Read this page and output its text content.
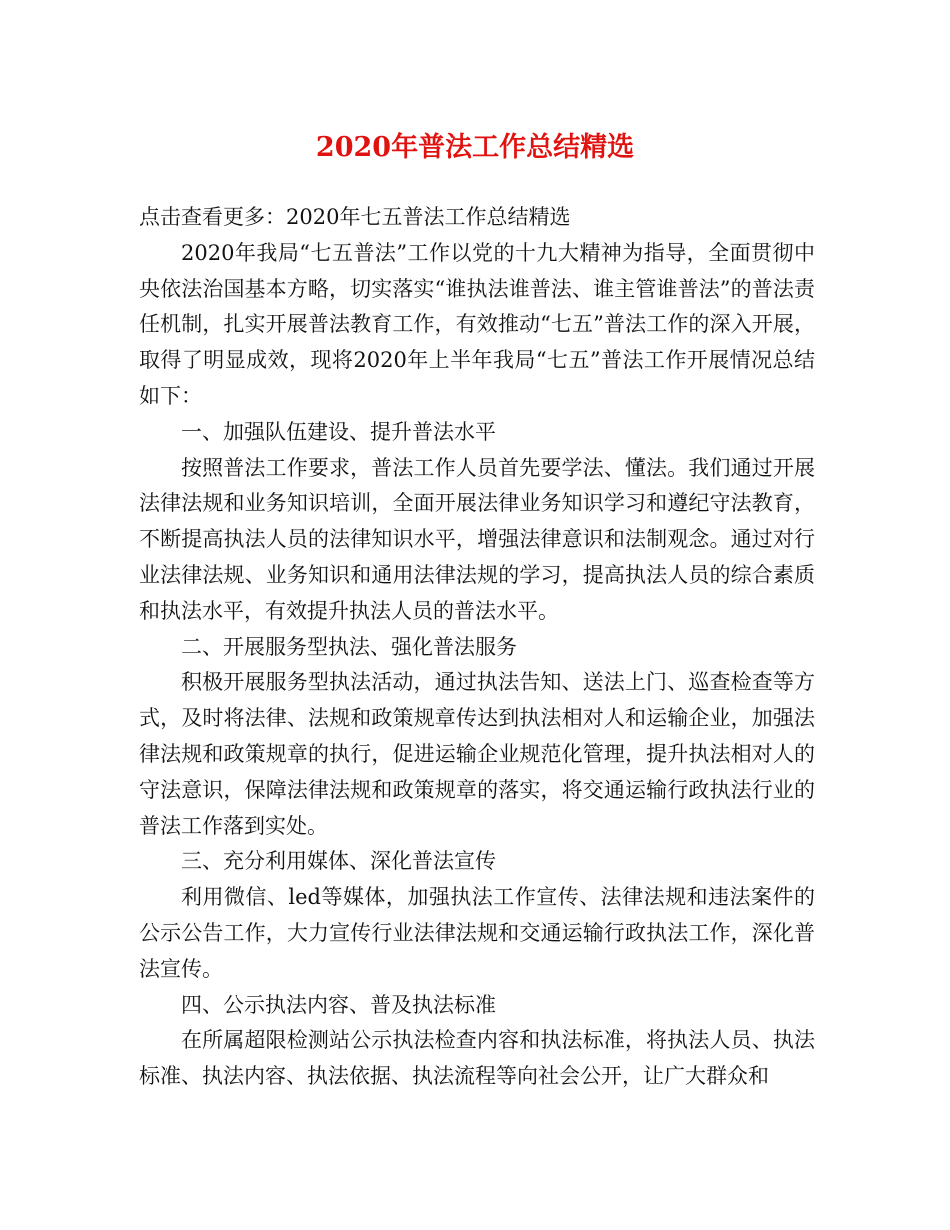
2020年普法工作总结精选

点击查看更多：2020年七五普法工作总结精选

2020年我局“七五普法”工作以党的十九大精神为指导，全面贯彻中央依法治国基本方略，切实落实“谁执法谁普法、谁主管谁普法”的普法责任机制，扎实开展普法教育工作，有效推动“七五”普法工作的深入开展，取得了明显成效，现将2020年上半年我局“七五”普法工作开展情况总结如下：

一、加强队伍建设、提升普法水平

按照普法工作要求，普法工作人员首先要学法、懂法。我们通过开展法律法规和业务知识培训，全面开展法律业务知识学习和遵纪守法教育，不断提高执法人员的法律知识水平，增强法律意识和法制观念。通过对行业法律法规、业务知识和通用法律法规的学习，提高执法人员的综合素质和执法水平，有效提升执法人员的普法水平。

二、开展服务型执法、强化普法服务

积极开展服务型执法活动，通过执法告知、送法上门、巡查检查等方式，及时将法律、法规和政策规章传达到执法相对人和运输企业，加强法律法规和政策规章的执行，促进运输企业规范化管理，提升执法相对人的守法意识，保障法律法规和政策规章的落实，将交通运输行政执法行业的普法工作落到实处。

三、充分利用媒体、深化普法宣传

利用微信、led等媒体，加强执法工作宣传、法律法规和违法案件的公示公告工作，大力宣传行业法律法规和交通运输行政执法工作，深化普法宣传。

四、公示执法内容、普及执法标准

在所属超限检测站公示执法检查内容和执法标准，将执法人员、执法标准、执法内容、执法依据、执法流程等向社会公开，让广大群众和
